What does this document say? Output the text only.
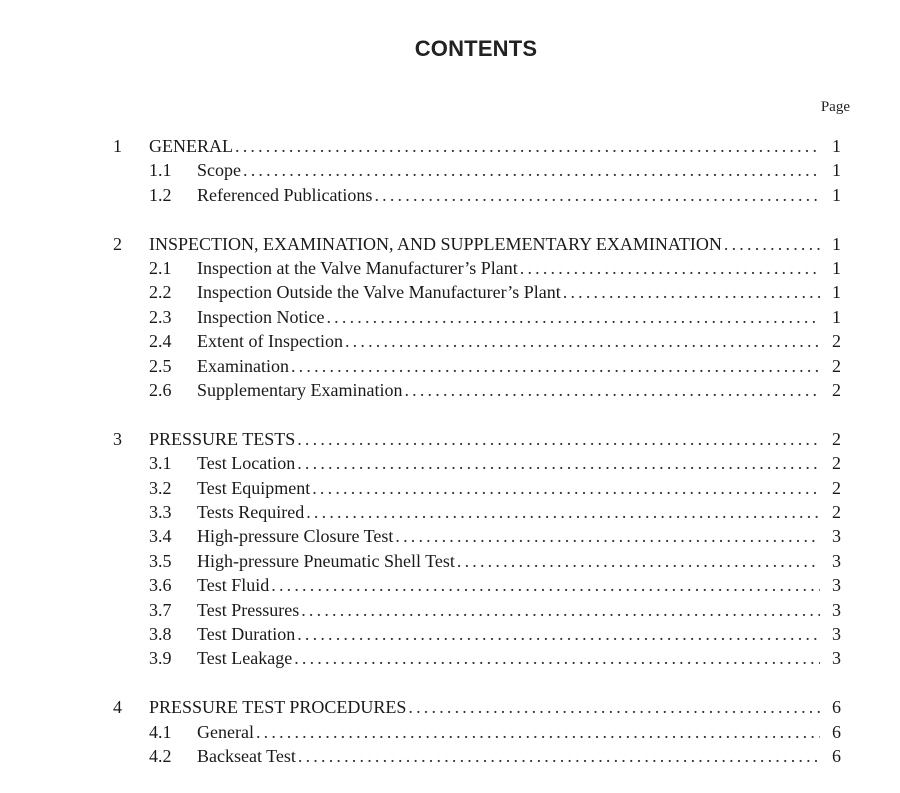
CONTENTS
Page
1 GENERAL .....	1
1.1 Scope .....	1
1.2 Referenced Publications .....	1
2 INSPECTION, EXAMINATION, AND SUPPLEMENTARY EXAMINATION .....	1
2.1 Inspection at the Valve Manufacturer’s Plant .....	1
2.2 Inspection Outside the Valve Manufacturer’s Plant .....	1
2.3 Inspection Notice .....	1
2.4 Extent of Inspection .....	2
2.5 Examination .....	2
2.6 Supplementary Examination .....	2
3 PRESSURE TESTS .....	2
3.1 Test Location .....	2
3.2 Test Equipment .....	2
3.3 Tests Required .....	2
3.4 High-pressure Closure Test .....	3
3.5 High-pressure Pneumatic Shell Test .....	3
3.6 Test Fluid .....	3
3.7 Test Pressures .....	3
3.8 Test Duration .....	3
3.9 Test Leakage .....	3
4 PRESSURE TEST PROCEDURES .....	6
4.1 General .....	6
4.2 Backseat Test .....	6
